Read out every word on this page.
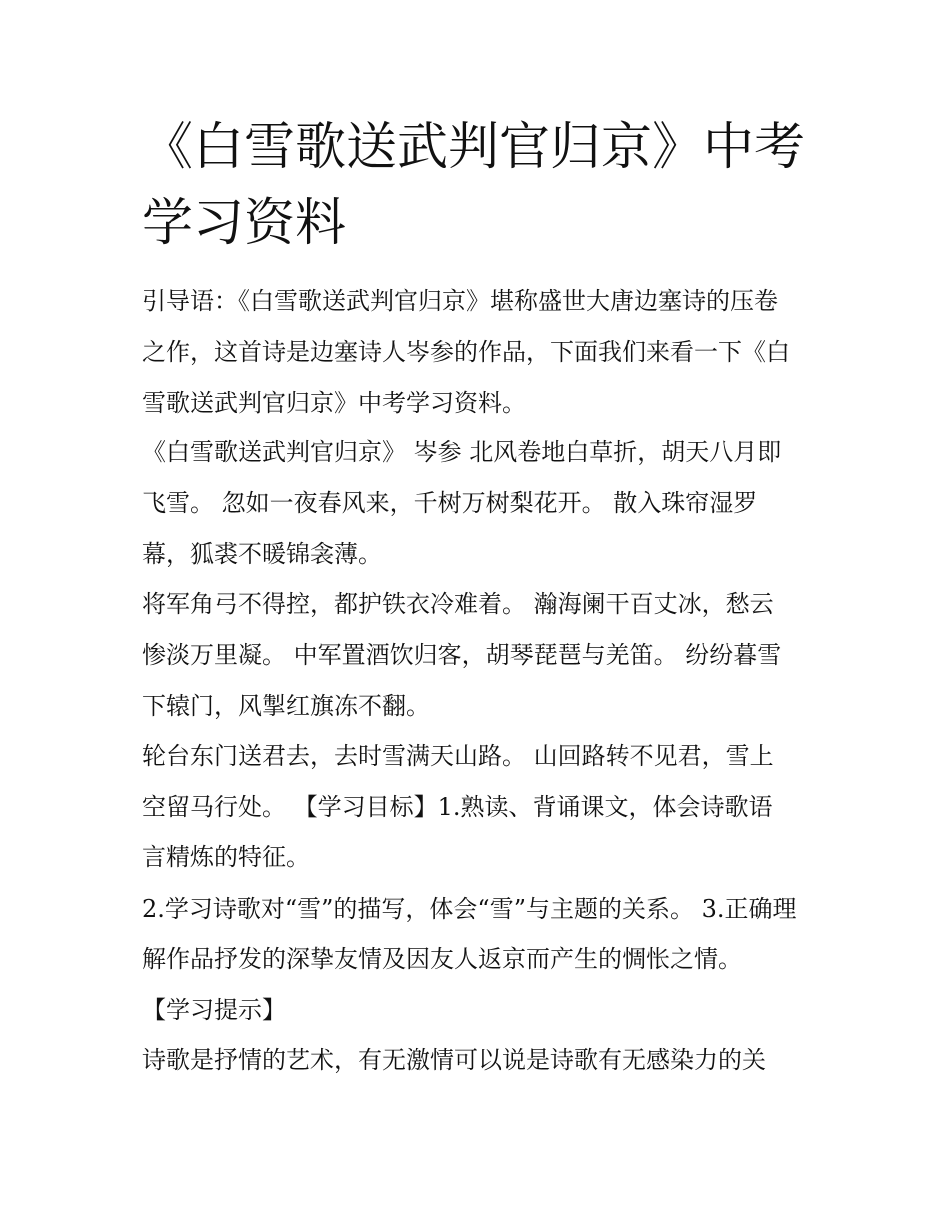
《白雪歌送武判官归京》中考
学习资料
引导语：《白雪歌送武判官归京》堪称盛世大唐边塞诗的压卷
之作，这首诗是边塞诗人岑参的作品，下面我们来看一下《白
雪歌送武判官归京》中考学习资料。
《白雪歌送武判官归京》 岑参 北风卷地白草折，胡天八月即
飞雪。 忽如一夜春风来，千树万树梨花开。 散入珠帘湿罗
幕，狐裘不暖锦衾薄。
将军角弓不得控，都护铁衣冷难着。 瀚海阑干百丈冰，愁云
惨淡万里凝。 中军置酒饮归客，胡琴琵琶与羌笛。 纷纷暮雪
下辕门，风掣红旗冻不翻。
轮台东门送君去，去时雪满天山路。 山回路转不见君，雪上
空留马行处。 【学习目标】1.熟读、背诵课文，体会诗歌语
言精炼的特征。
2.学习诗歌对“雪”的描写，体会“雪”与主题的关系。 3.正确理
解作品抒发的深挚友情及因友人返京而产生的惆怅之情。
【学习提示】
诗歌是抒情的艺术，有无激情可以说是诗歌有无感染力的关
